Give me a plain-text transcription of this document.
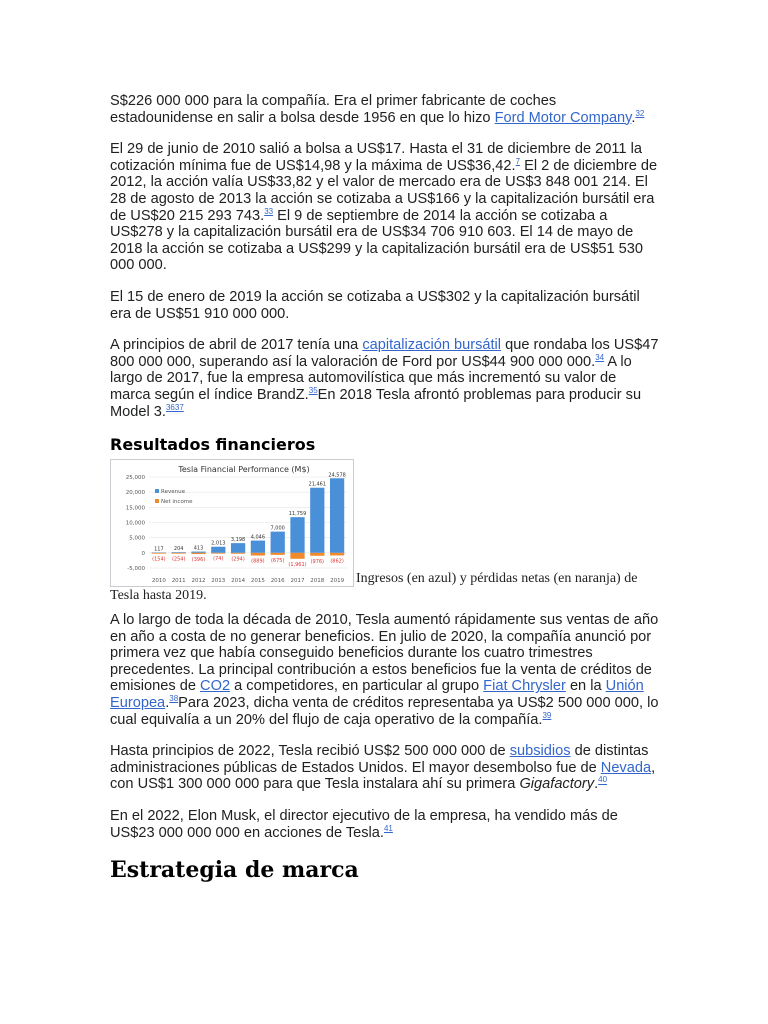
S$226 000 000 para la compañía. Era el primer fabricante de coches estadounidense en salir a bolsa desde 1956 en que lo hizo Ford Motor Company.$^{32}$

El 29 de junio de 2010 salió a bolsa a US$17. Hasta el 31 de diciembre de 2011 la cotización mínima fue de US$14,98 y la máxima de US$36,42.$^7$ El 2 de diciembre de 2012, la acción valía US$33,82 y el valor de mercado era de US$3 848 001 214. El 28 de agosto de 2013 la acción se cotizaba a US$166 y la capitalización bursátil era de US$20 215 293 743.33 El 9 de septiembre de 2014 la acción se cotizaba a US$278 y la capitalización bursátil era de US$34 706 910 603. El 14 de mayo de 2018 la acción se cotizaba a US$299 y la capitalización bursátil era de US$51 530 000 000.

El 15 de enero de 2019 la acción se cotizaba a US$302 y la capitalización bursátil era de US$51 910 000 000.

A principios de abril de 2017 tenía una capitalización bursátil que rondaba los US$47 800 000 000, superando así la valoración de Ford por US$44 900 000 000.34 A lo largo de 2017, fue la empresa automovilística que más incrementó su valor de marca según el índice BrandZ.$^{35}$En 2018 Tesla afrontó problemas para producir su Model 3.$^{3637}$

Resultados financieros
Tesla Financial Performance (M$)
25,000
20,000
15,000
10,000
5,000
0
-5,000
117
(154)
2010
204
(254)
2011
413
(396)
2012
2,013
(74)
2013
3,198
(294)
2014
4,046
(889)
2015
7,000
(675)
2016
11,759
(1,961)
2017
21,461
(976)
2018
24,578
(862)
2019
Revenue
Net income
Ingresos (en azul) y pérdidas netas (en naranja) de Tesla hasta 2019.

A lo largo de toda la década de 2010, Tesla aumentó rápidamente sus ventas de año en año a costa de no generar beneficios. En julio de 2020, la compañía anunció por primera vez que había conseguido beneficios durante los cuatro trimestres precedentes. La principal contribución a estos beneficios fue la venta de créditos de emisiones de CO2 a competidores, en particular al grupo Fiat Chrysler en la Unión Europea.$^{38}$Para 2023, dicha venta de créditos representaba ya US$2 500 000 000, lo cual equivalía a un 20% del flujo de caja operativo de la compañía.$^{39}$

Hasta principios de 2022, Tesla recibió US$2 500 000 000 de subsidios de distintas administraciones públicas de Estados Unidos. El mayor desembolso fue de Nevada, con US$1 300 000 000 para que Tesla instalara ahí su primera Gigafactory.$^{40}$

En el 2022, Elon Musk, el director ejecutivo de la empresa, ha vendido más de US$23 000 000 000 en acciones de Tesla.$^{41}$

Estrategia de marca
